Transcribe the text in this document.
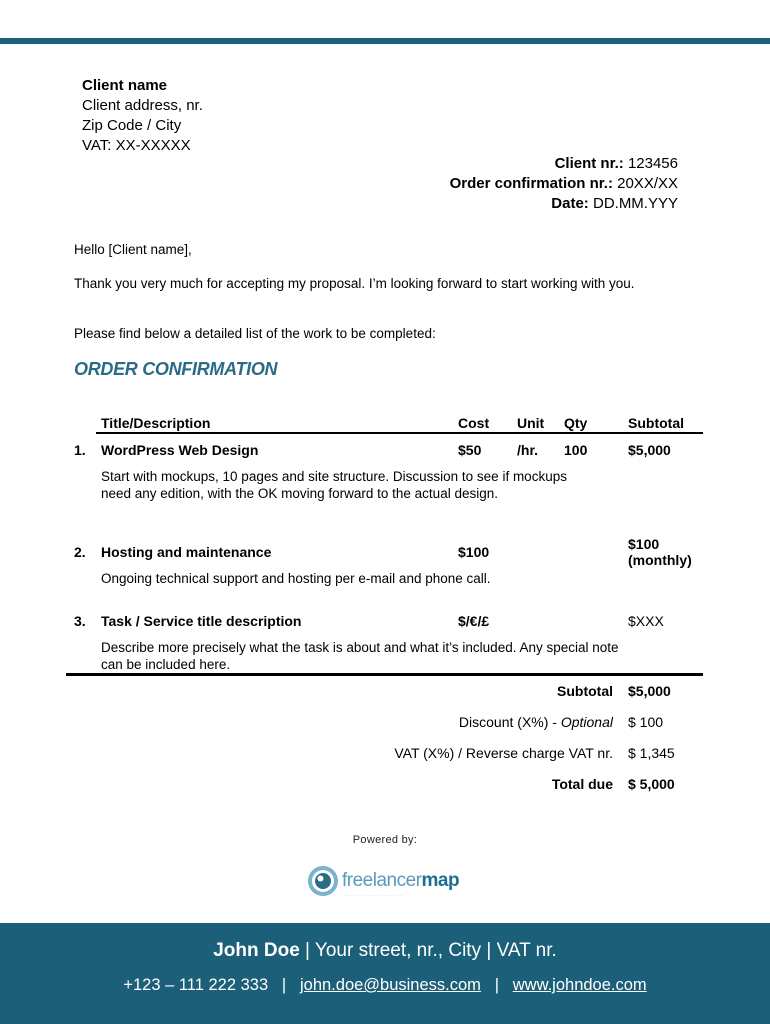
Client name
Client address, nr.
Zip Code / City
VAT: XX-XXXXX
Client nr.: 123456
Order confirmation nr.: 20XX/XX
Date: DD.MM.YYY
Hello [Client name],
Thank you very much for accepting my proposal. I’m looking forward to start working with you.
Please find below a detailed list of the work to be completed:
ORDER CONFIRMATION
Title/Description	Cost Unit Qty	Subtotal
1. WordPress Web Design	$50	/hr. 100	$5,000
Start with mockups, 10 pages and site structure. Discussion to see if mockups need any edition, with the OK moving forward to the actual design.
2. Hosting and maintenance	$100	$100
(monthly)
Ongoing technical support and hosting per e-mail and phone call.
3. Task / Service title description	$/€/£	$XXX
Describe more precisely what the task is about and what it’s included. Any special note can be included here.
Subtotal $5,000
Discount (X%) - Optional $ 100
VAT (X%) / Reverse charge VAT nr. $ 1,345
Total due $ 5,000
Powered by:
freelancermap
··························
John Doe | Your street, nr., City | VAT nr.
+123 – 111 222 333 | john.doe@business.com | www.johndoe.com
